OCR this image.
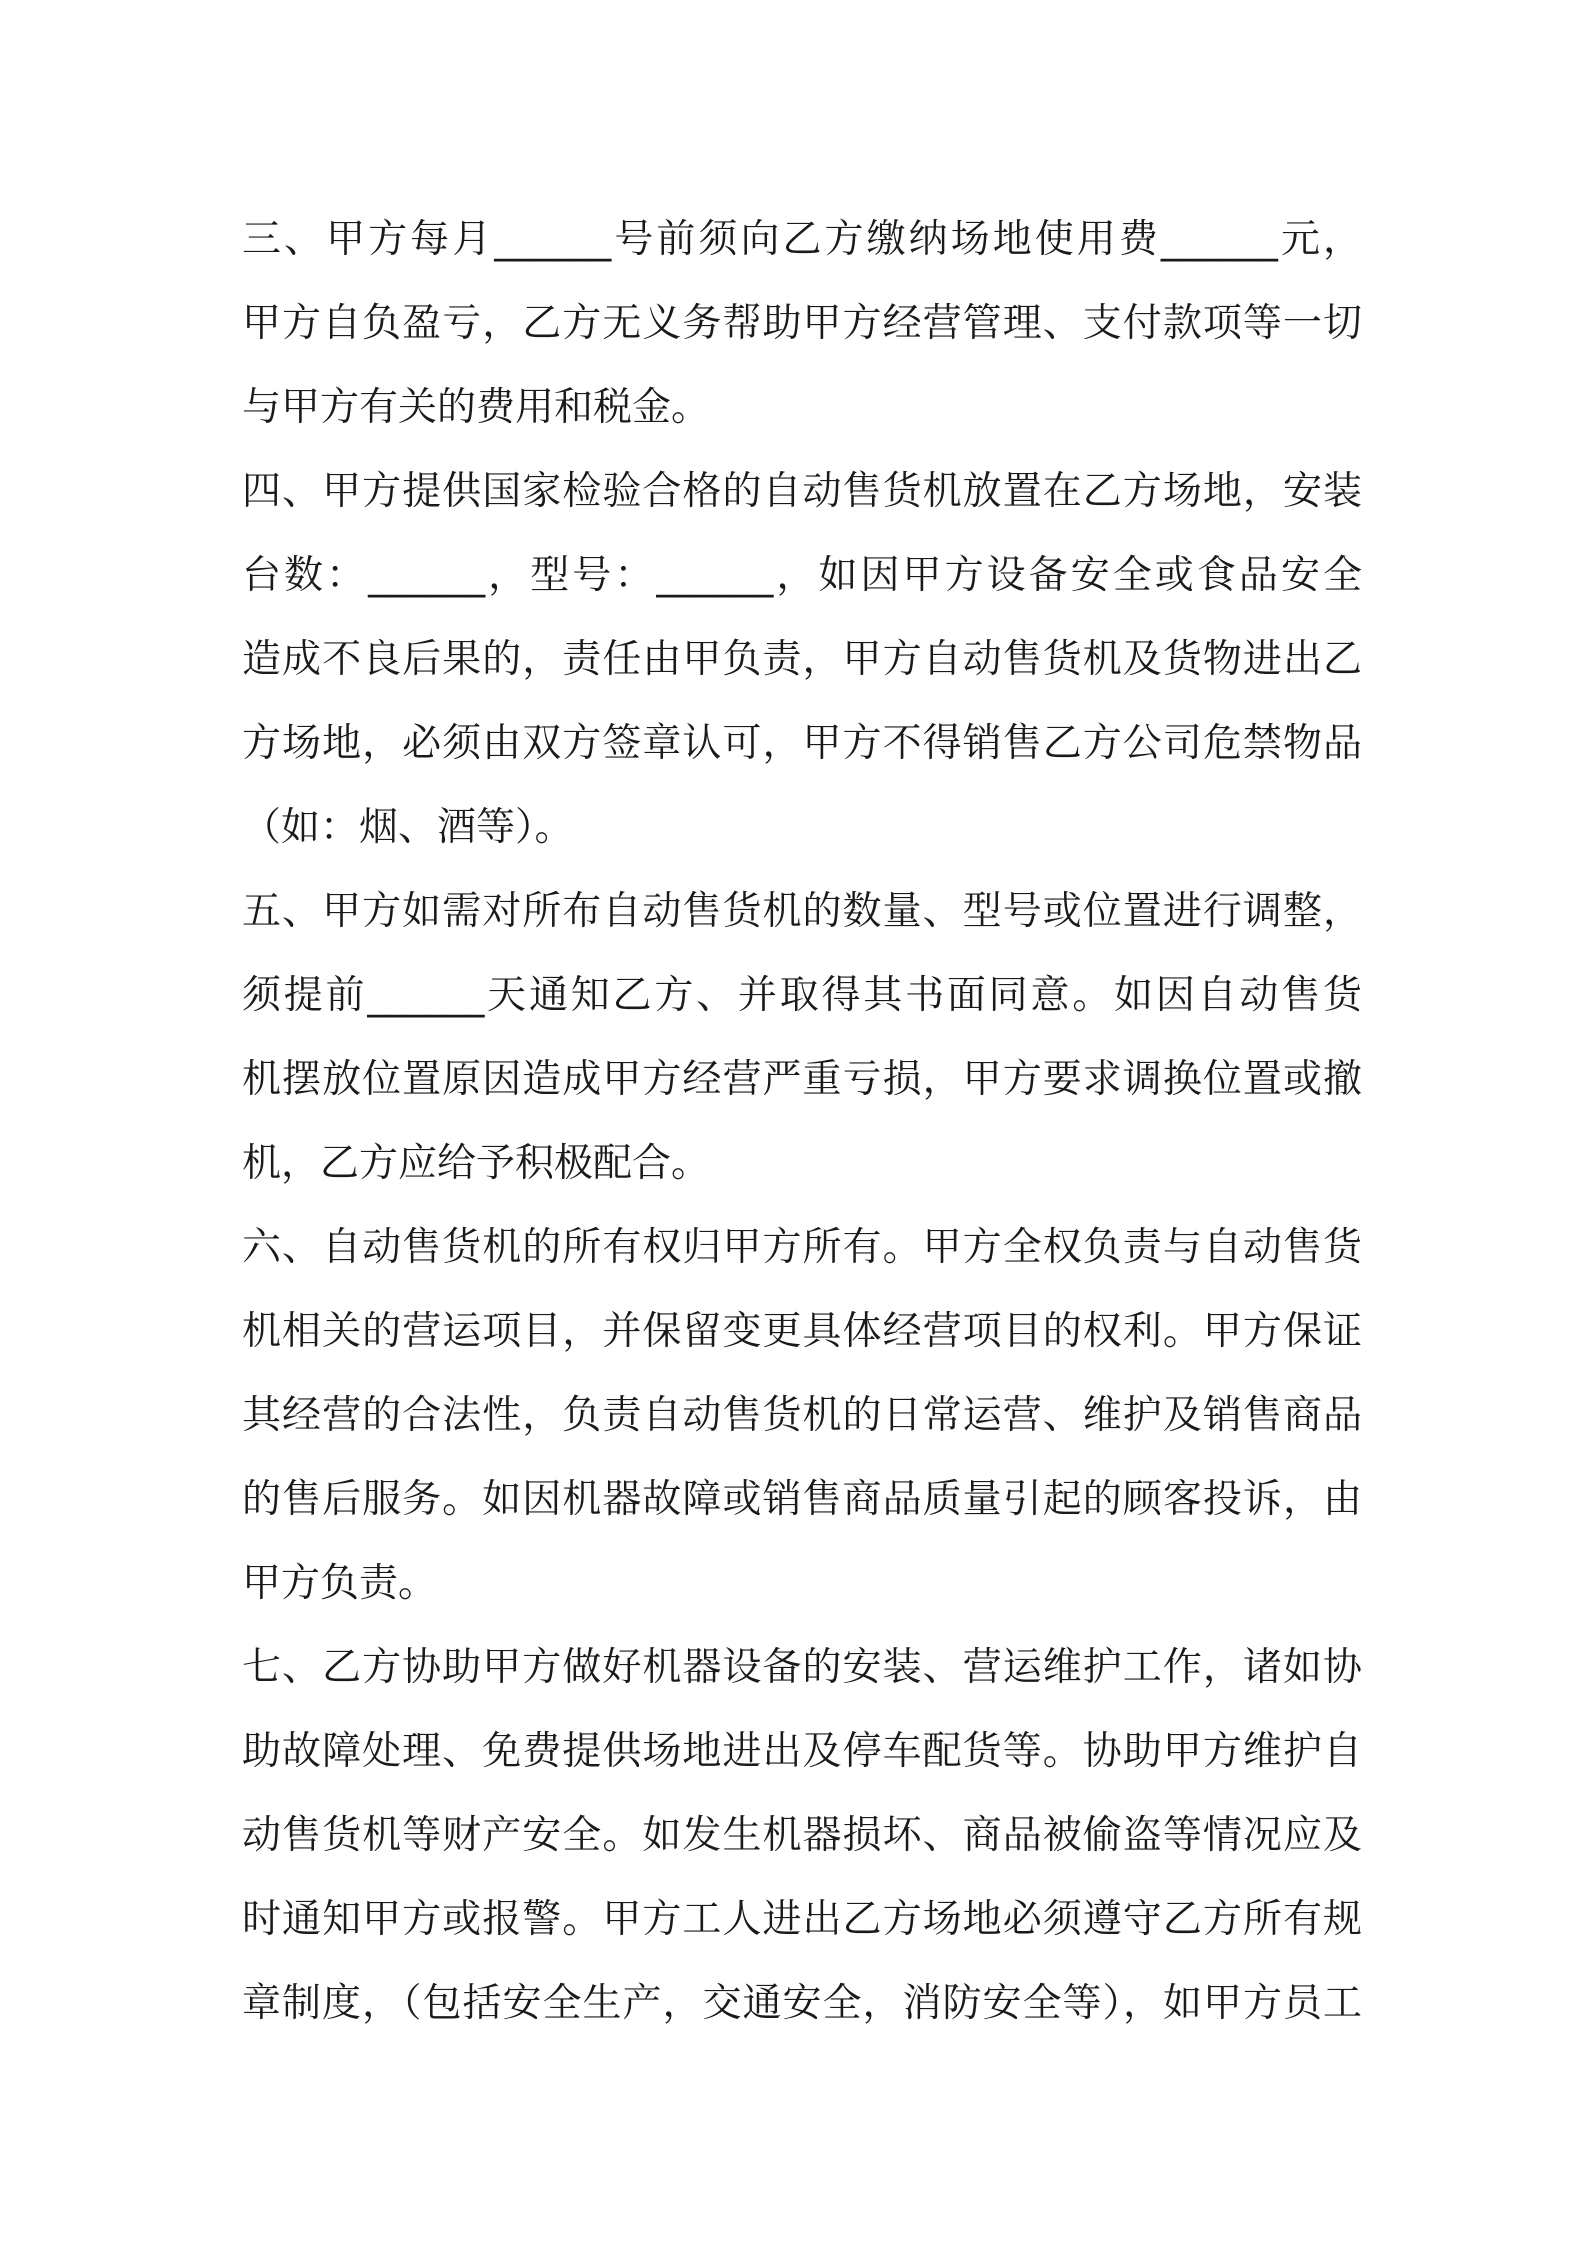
三、甲方每月______号前须向乙方缴纳场地使用费______元，
甲方自负盈亏，乙方无义务帮助甲方经营管理、支付款项等一切
与甲方有关的费用和税金。
四、甲方提供国家检验合格的自动售货机放置在乙方场地，安装
台数：______，型号：______，如因甲方设备安全或食品安全
造成不良后果的，责任由甲负责，甲方自动售货机及货物进出乙
方场地，必须由双方签章认可，甲方不得销售乙方公司危禁物品
（如：烟、酒等）。
五、甲方如需对所布自动售货机的数量、型号或位置进行调整，
须提前______天通知乙方、并取得其书面同意。如因自动售货
机摆放位置原因造成甲方经营严重亏损，甲方要求调换位置或撤
机，乙方应给予积极配合。
六、自动售货机的所有权归甲方所有。甲方全权负责与自动售货
机相关的营运项目，并保留变更具体经营项目的权利。甲方保证
其经营的合法性，负责自动售货机的日常运营、维护及销售商品
的售后服务。如因机器故障或销售商品质量引起的顾客投诉，由
甲方负责。
七、乙方协助甲方做好机器设备的安装、营运维护工作，诸如协
助故障处理、免费提供场地进出及停车配货等。协助甲方维护自
动售货机等财产安全。如发生机器损坏、商品被偷盗等情况应及
时通知甲方或报警。甲方工人进出乙方场地必须遵守乙方所有规
章制度，（包括安全生产，交通安全，消防安全等），如甲方员工
